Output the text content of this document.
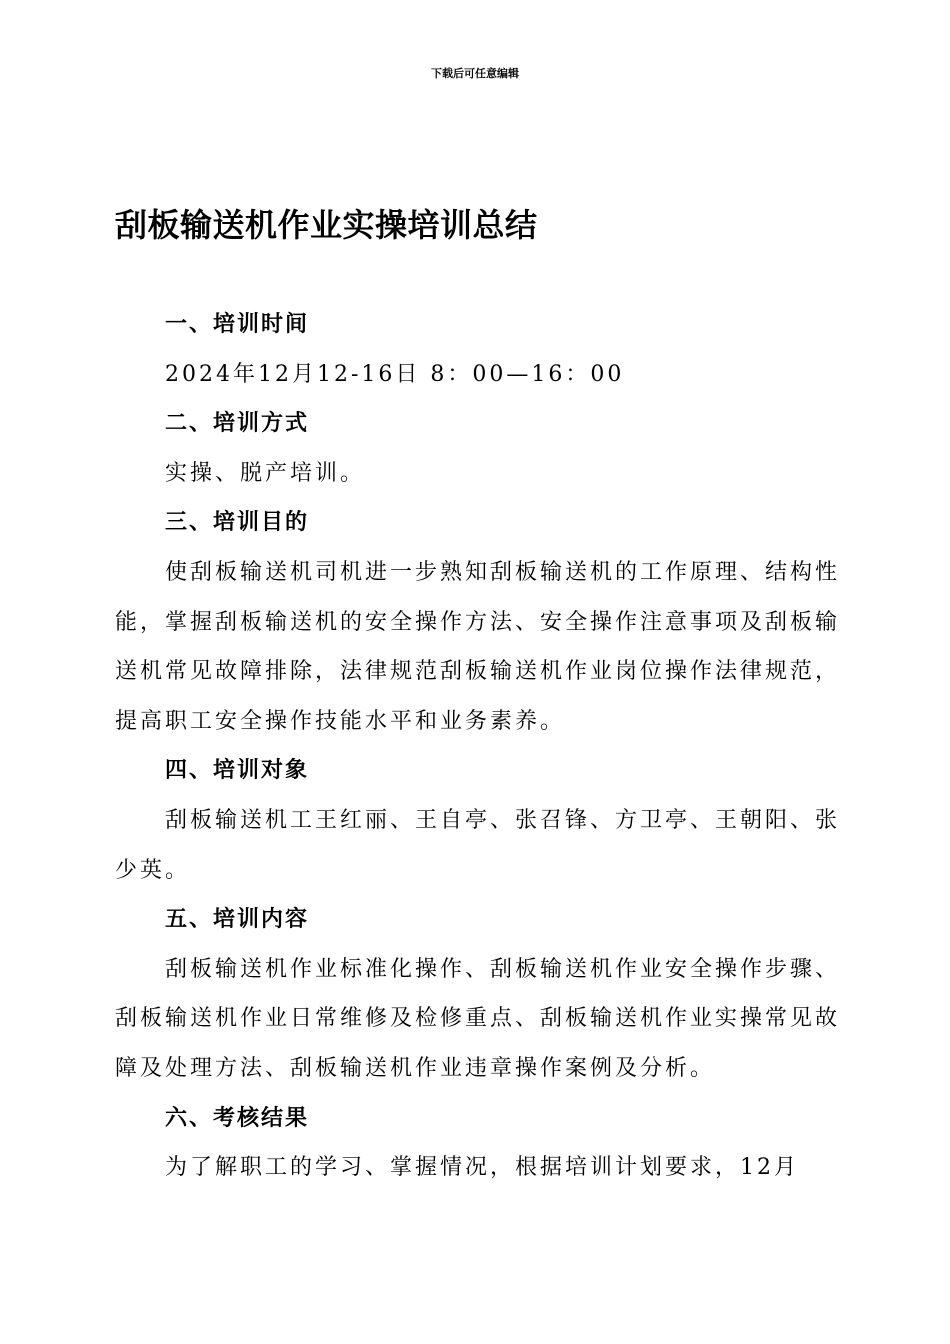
下载后可任意编辑
刮板输送机作业实操培训总结
一、培训时间

2024年12月12-16日 8：00—16：00

二、培训方式

实操、脱产培训。

三、培训目的

使刮板输送机司机进一步熟知刮板输送机的工作原理、结构性能，掌握刮板输送机的安全操作方法、安全操作注意事项及刮板输送机常见故障排除，法律规范刮板输送机作业岗位操作法律规范，提高职工安全操作技能水平和业务素养。

四、培训对象

刮板输送机工王红丽、王自亭、张召锋、方卫亭、王朝阳、张少英。

五、培训内容

刮板输送机作业标准化操作、刮板输送机作业安全操作步骤、刮板输送机作业日常维修及检修重点、刮板输送机作业实操常见故障及处理方法、刮板输送机作业违章操作案例及分析。

六、考核结果

为了解职工的学习、掌握情况，根据培训计划要求，12月
